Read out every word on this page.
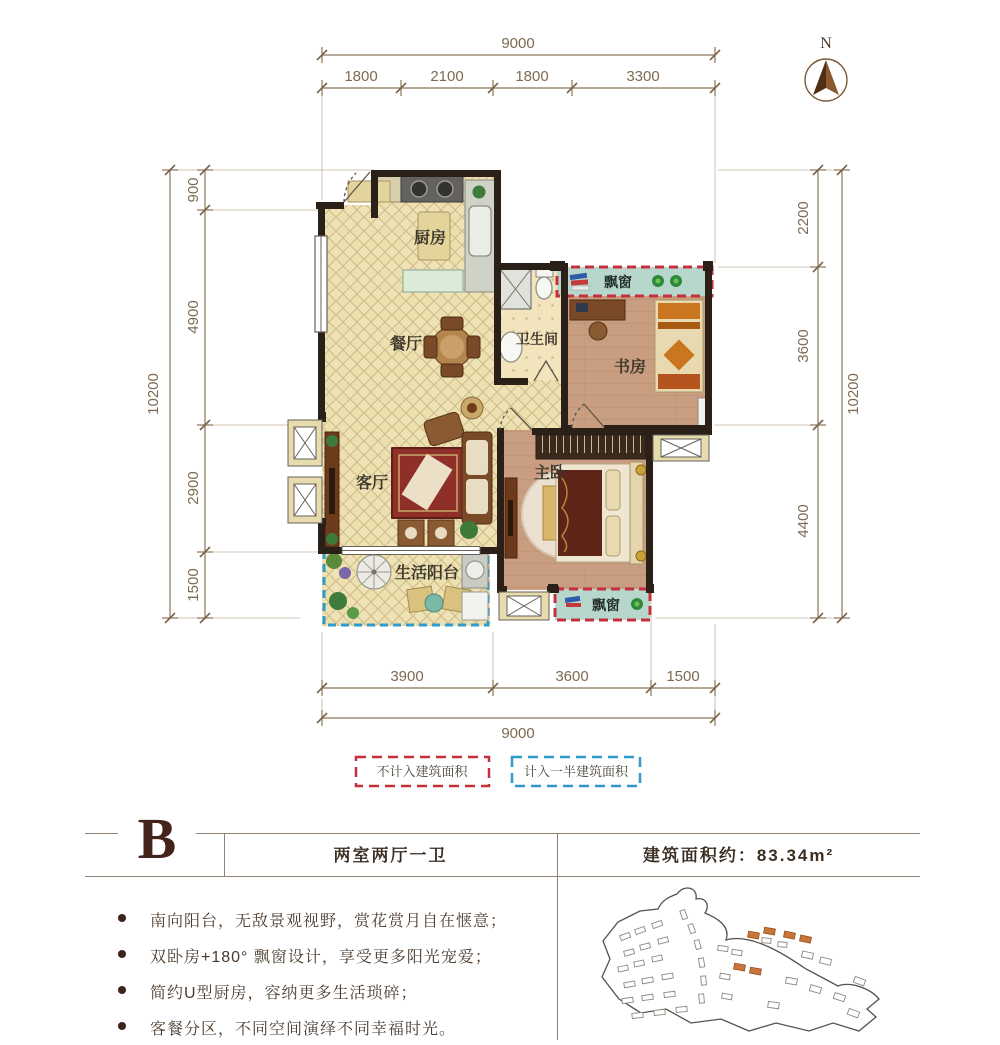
9000
1800	2100	1800	3300
3900	3600	1500
9000
10200
900
4900
2900
1500
2200
3600
4400
10200
N
飘窗
飘窗
厨房
餐厅	卫生间
书房
客厅
主卧
生活阳台
不计入建筑面积	计入一半建筑面积
B	两室两厅一卫	建筑面积约：83.34m²
南向阳台，无敌景观视野，赏花赏月自在惬意；
双卧房+180° 飘窗设计，享受更多阳光宠爱；
简约U型厨房，容纳更多生活琐碎；
客餐分区，不同空间演绎不同幸福时光。
